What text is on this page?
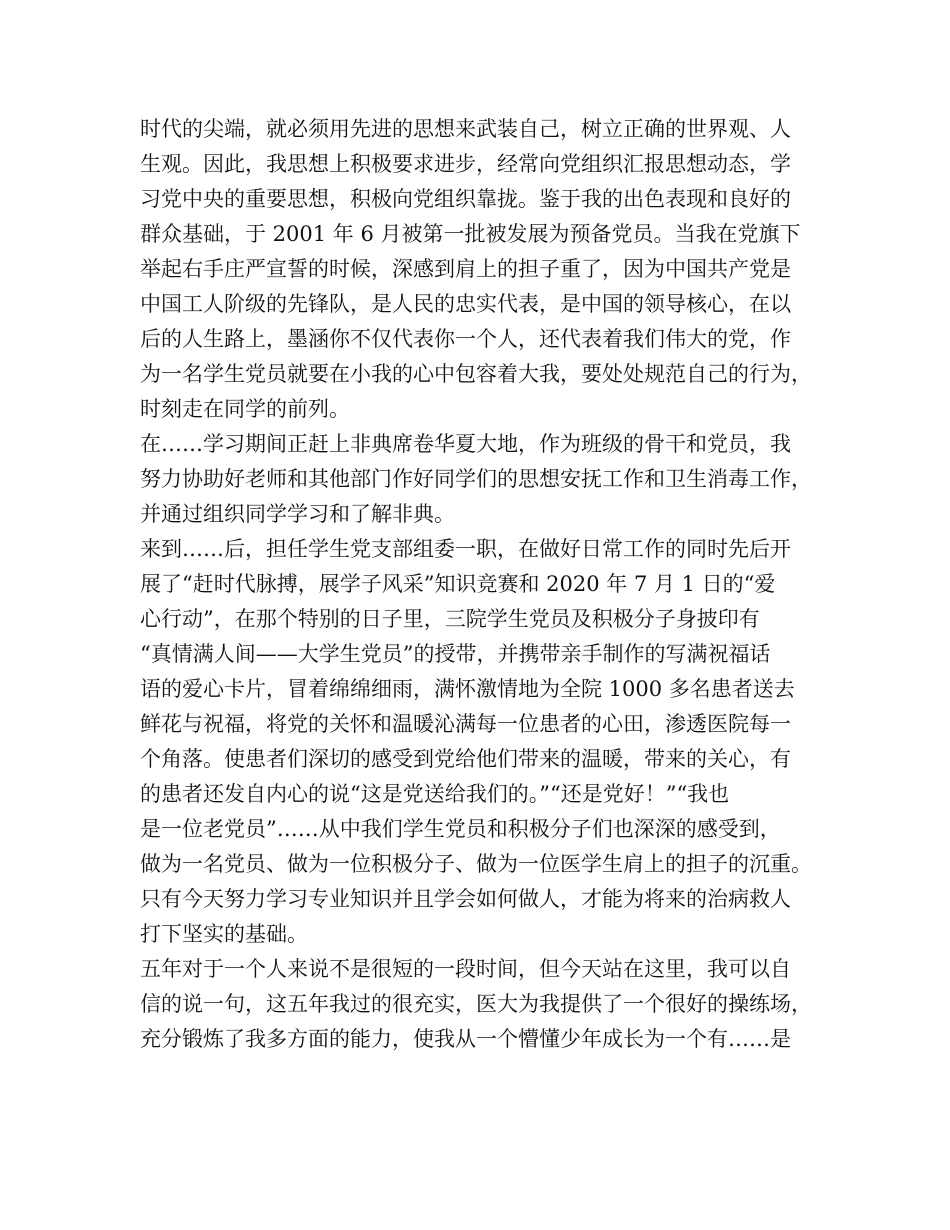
时代的尖端，就必须用先进的思想来武装自己，树立正确的世界观、人
生观。因此，我思想上积极要求进步，经常向党组织汇报思想动态，学
习党中央的重要思想，积极向党组织靠拢。鉴于我的出色表现和良好的
群众基础，于 2001 年 6 月被第一批被发展为预备党员。当我在党旗下
举起右手庄严宣誓的时候，深感到肩上的担子重了，因为中国共产党是
中国工人阶级的先锋队，是人民的忠实代表，是中国的领导核心，在以
后的人生路上，墨涵你不仅代表你一个人，还代表着我们伟大的党，作
为一名学生党员就要在小我的心中包容着大我，要处处规范自己的行为，
时刻走在同学的前列。
在……学习期间正赶上非典席卷华夏大地，作为班级的骨干和党员，我
努力协助好老师和其他部门作好同学们的思想安抚工作和卫生消毒工作，
并通过组织同学学习和了解非典。
来到……后，担任学生党支部组委一职，在做好日常工作的同时先后开
展了“赶时代脉搏，展学子风采”知识竞赛和 2020 年 7 月 1 日的“爱
心行动”，在那个特别的日子里，三院学生党员及积极分子身披印有
“真情满人间——大学生党员”的授带，并携带亲手制作的写满祝福话
语的爱心卡片，冒着绵绵细雨，满怀激情地为全院 1000 多名患者送去
鲜花与祝福，将党的关怀和温暖沁满每一位患者的心田，渗透医院每一
个角落。使患者们深切的感受到党给他们带来的温暖，带来的关心，有
的患者还发自内心的说“这是党送给我们的。”“还是党好！”“我也
是一位老党员”……从中我们学生党员和积极分子们也深深的感受到，
做为一名党员、做为一位积极分子、做为一位医学生肩上的担子的沉重。
只有今天努力学习专业知识并且学会如何做人，才能为将来的治病救人
打下坚实的基础。
五年对于一个人来说不是很短的一段时间，但今天站在这里，我可以自
信的说一句，这五年我过的很充实，医大为我提供了一个很好的操练场，
充分锻炼了我多方面的能力，使我从一个懵懂少年成长为一个有……是
